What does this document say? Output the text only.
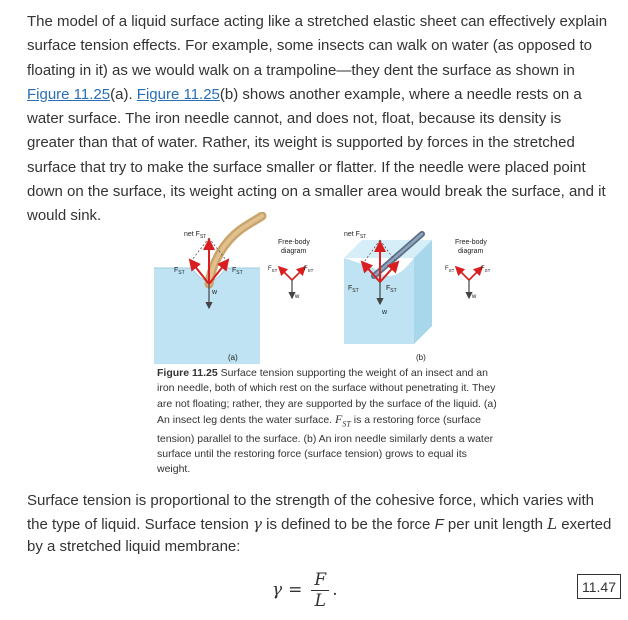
The model of a liquid surface acting like a stretched elastic sheet can effectively explain surface tension effects. For example, some insects can walk on water (as opposed to floating in it) as we would walk on a trampoline—they dent the surface as shown in Figure 11.25(a). Figure 11.25(b) shows another example, where a needle rests on a water surface. The iron needle cannot, and does not, float, because its density is greater than that of water. Rather, its weight is supported by forces in the stretched surface that try to make the surface smaller or flatter. If the needle were placed point down on the surface, its weight acting on a smaller area would break the surface, and it would sink.

net $F_{ST}$
$F_{ST}$	$F_{ST}$
w
Free-body
diagram
$F_{ST}$	$F_{ST}$
w
net $F_{ST}$
$F_{ST}$	$F_{ST}$
w
Free-body
diagram
$F_{ST}$	$F_{ST}$
w
(a)	(b)
Figure 11.25 Surface tension supporting the weight of an insect and an iron needle, both of which rest on the surface without penetrating it. They are not floating; rather, they are supported by the surface of the liquid. (a) An insect leg dents the water surface. $F_{ST}$ is a restoring force (surface tension) parallel to the surface. (b) An iron needle similarly dents a water surface until the restoring force (surface tension) grows to equal its weight.

Surface tension is proportional to the strength of the cohesive force, which varies with the type of liquid. Surface tension γ is defined to be the force F per unit length L exerted by a stretched liquid membrane:

$\gamma = \frac{F}{L}$ .	11.47
